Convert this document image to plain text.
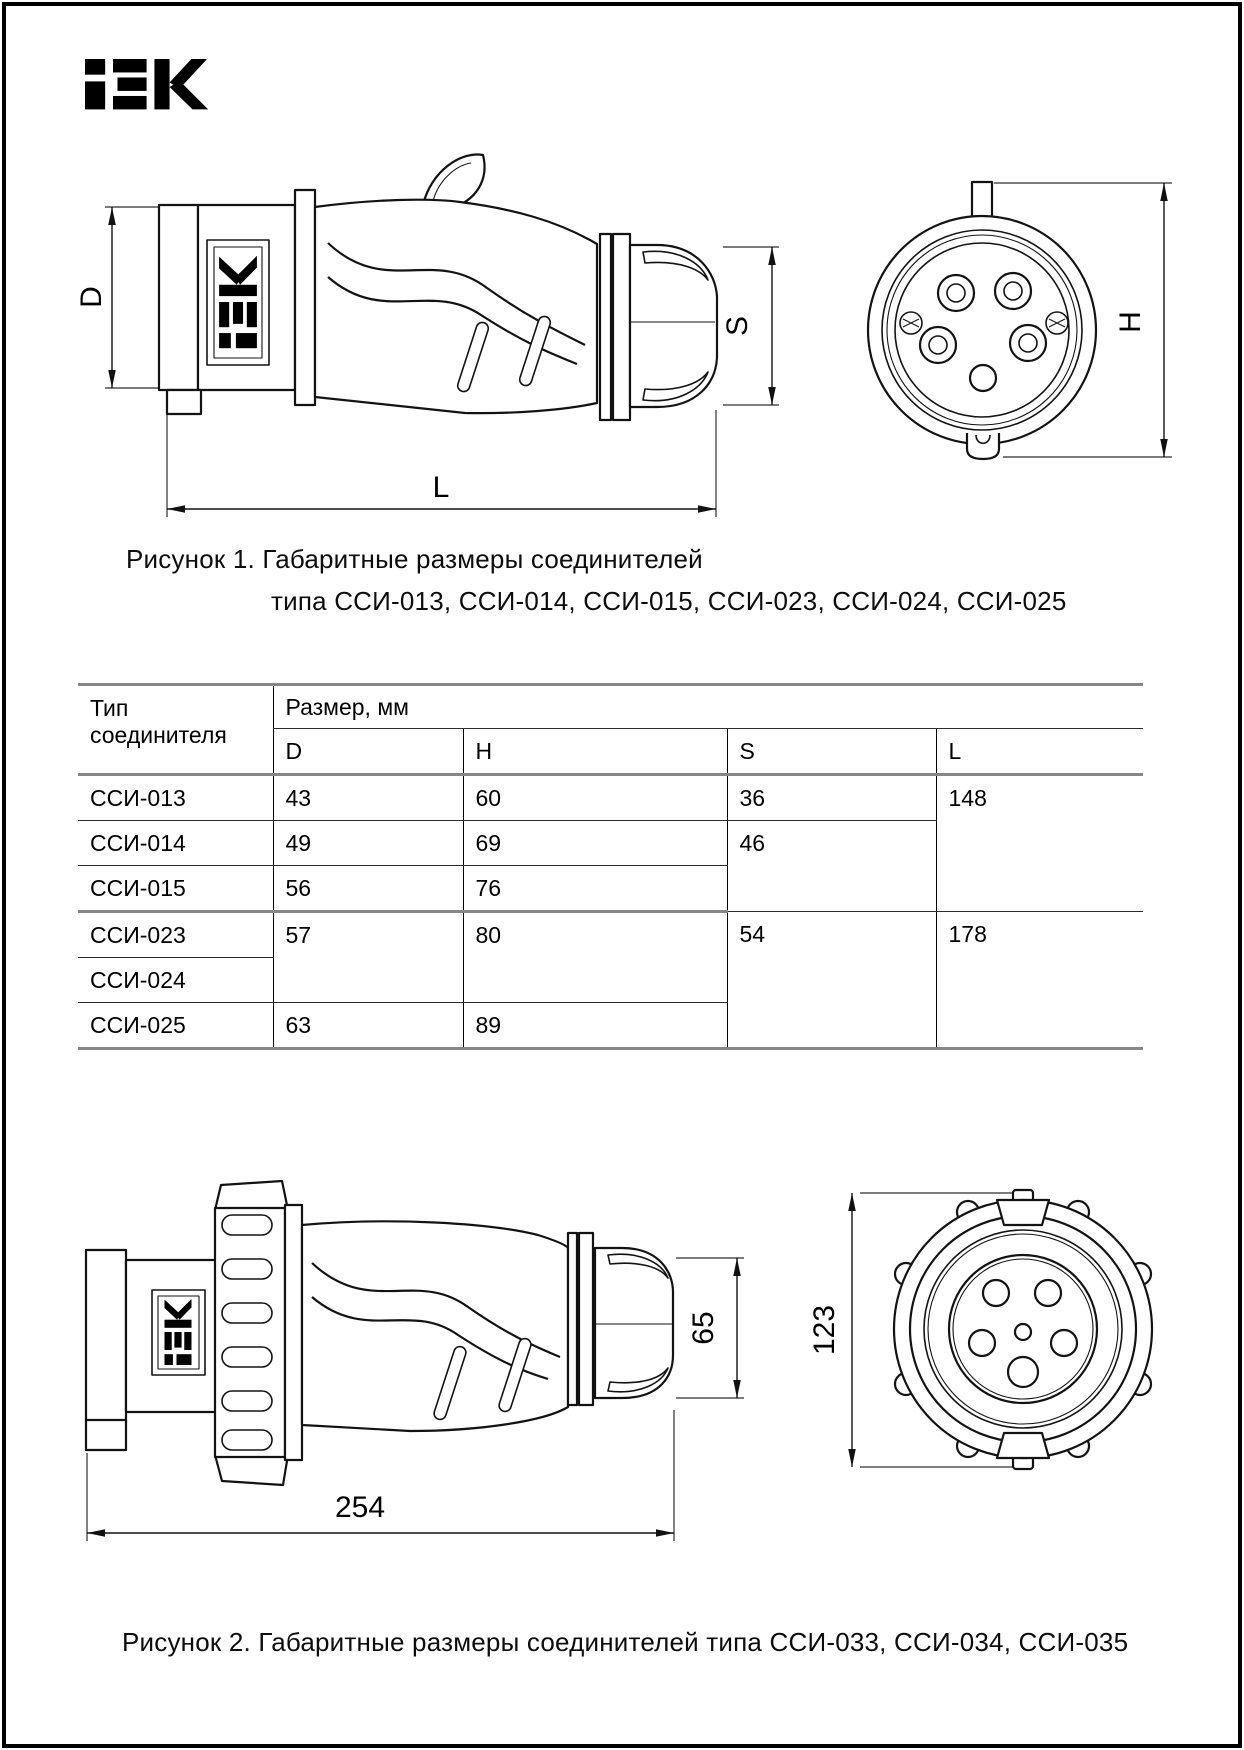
D
L
S	H
Рисунок 1. Габаритные размеры соединителей
типа ССИ-013, ССИ-014, ССИ-015, ССИ-023, ССИ-024, ССИ-025
Тип соединителя	Размер, мм			
	D	H	S	L
ССИ-013	43	60	36	148
ССИ-014	49	69	46	
ССИ-015	56	76		
ССИ-023	57	80	54	178
ССИ-024				
ССИ-025	63	89		
254
65	123
Рисунок 2. Габаритные размеры соединителей типа ССИ-033, ССИ-034, ССИ-035
